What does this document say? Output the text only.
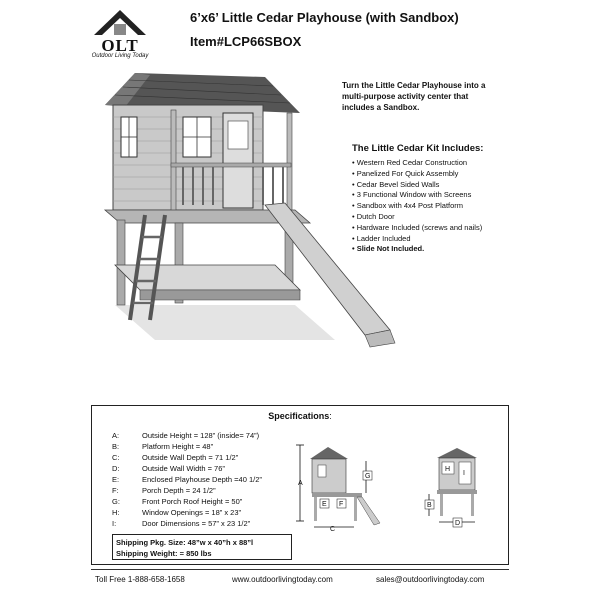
OLT
Outdoor Living Today
6’x6’ Little Cedar Playhouse (with Sandbox)
Item#LCP66SBOX
Turn the Little Cedar Playhouse into a multi-purpose activity center that includes a Sandbox.
The Little Cedar Kit Includes:
• Western Red Cedar Construction
• Panelized For Quick Assembly
• Cedar Bevel Sided Walls
• 3 Functional Window with Screens
• Sandbox with 4x4 Post Platform
• Dutch Door
• Hardware Included (screws and nails)
• Ladder Included
• Slide Not Included.
Specifications:
A:	Outside Height = 128” (inside= 74”)
B:	Platform Height = 48”
C:	Outside Wall Depth = 71 1/2”
D:	Outside Wall Width = 76”
E:	Enclosed Playhouse Depth =40 1/2”
F:	Porch Depth = 24 1/2”
G:	Front Porch Roof Height = 50”
H:	Window Openings = 18” x 23”
I:	Door Dimensions = 57” x 23 1/2”
Shipping Pkg. Size: 48”w x 40”h x 88”l
Shipping Weight: = 850 lbs
A
C
E F
G
H
I
B
D
Toll Free 1-888-658-1658	www.outdoorlivingtoday.com	sales@outdoorlivingtoday.com
